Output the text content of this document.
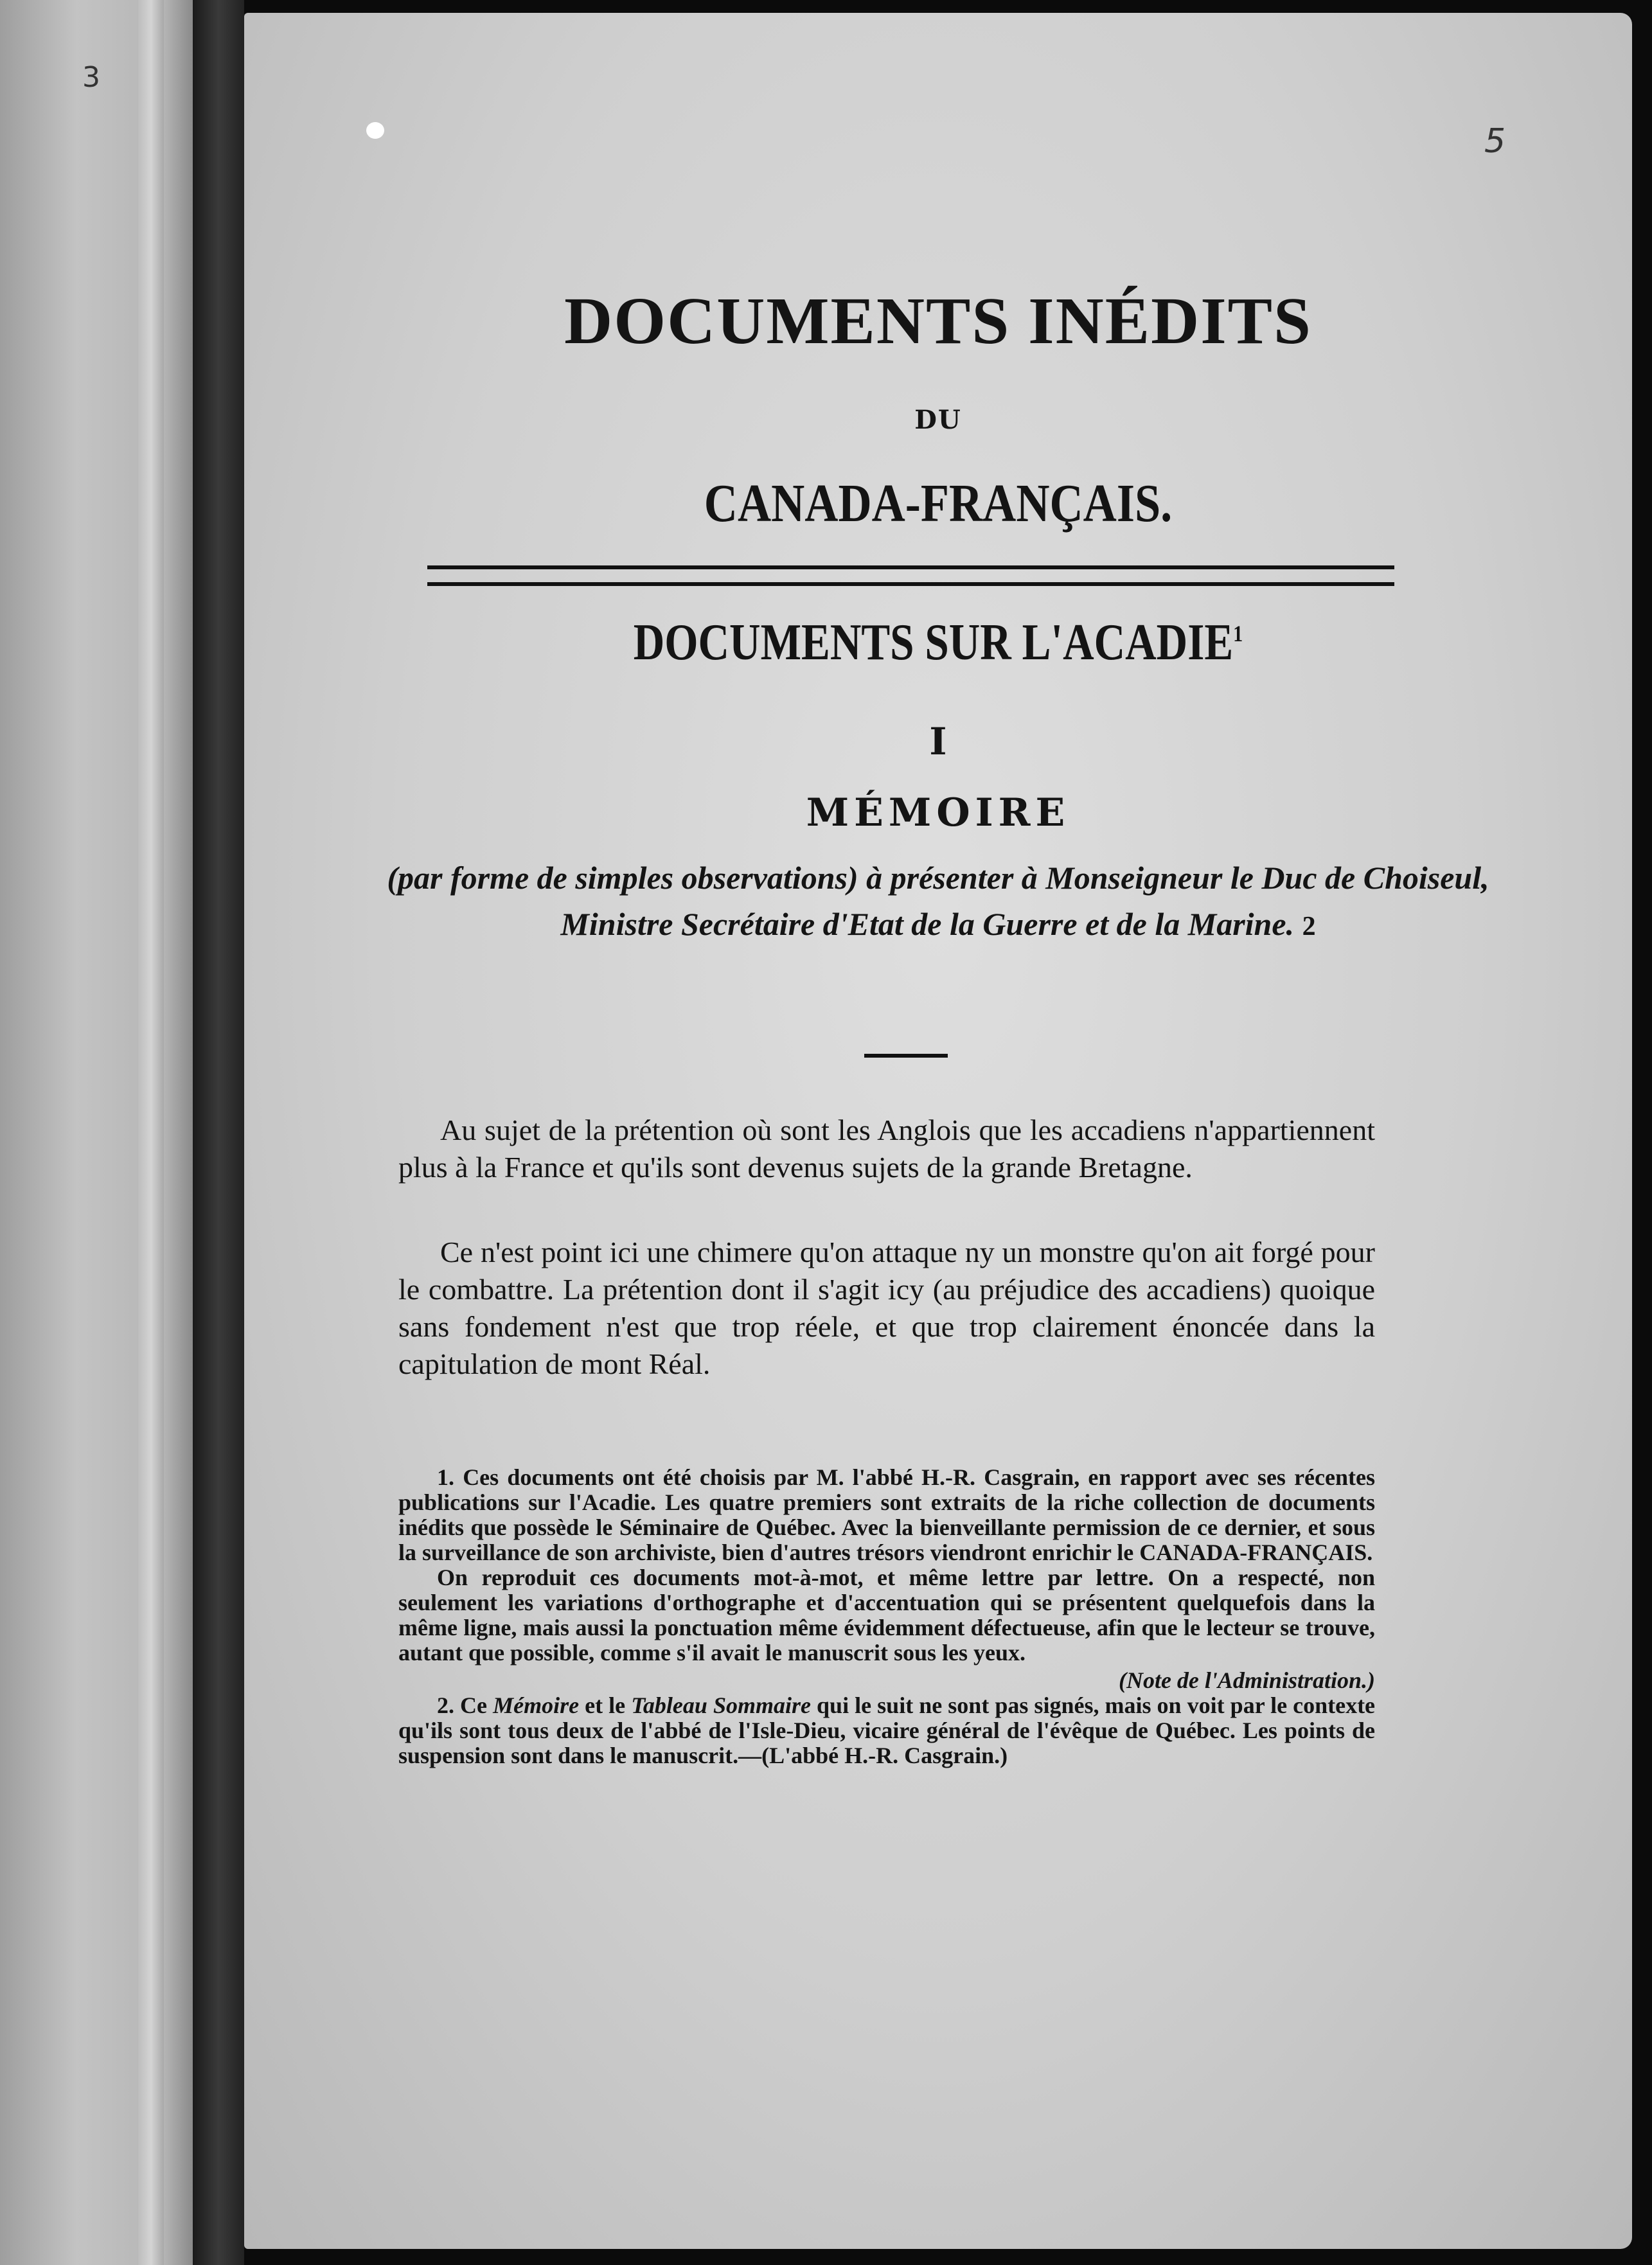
3
5
DOCUMENTS INÉDITS
DU
CANADA-FRANÇAIS.
DOCUMENTS SUR L'ACADIE$^1$
I
MÉMOIRE
(par forme de simples observations) à présenter à Monseigneur le Duc de Choiseul, Ministre Secrétaire d'Etat de la Guerre et de la Marine. 2
Au sujet de la prétention où sont les Anglois que les accadiens n'appartiennent plus à la France et qu'ils sont devenus sujets de la grande Bretagne.
Ce n'est point ici une chimere qu'on attaque ny un monstre qu'on ait forgé pour le combattre. La prétention dont il s'agit icy (au préjudice des accadiens) quoique sans fondement n'est que trop réele, et que trop clairement énoncée dans la capitulation de mont Réal.

1. Ces documents ont été choisis par M. l'abbé H.-R. Casgrain, en rapport avec ses récentes publications sur l'Acadie. Les quatre premiers sont extraits de la riche collection de documents inédits que possède le Séminaire de Québec. Avec la bienveillante permission de ce dernier, et sous la surveillance de son archiviste, bien d'autres trésors viendront enrichir le CANADA-FRANÇAIS.

On reproduit ces documents mot-à-mot, et même lettre par lettre. On a respecté, non seulement les variations d'orthographe et d'accentuation qui se présentent quelquefois dans la même ligne, mais aussi la ponctuation même évidemment défectueuse, afin que le lecteur se trouve, autant que possible, comme s'il avait le manuscrit sous les yeux.

(Note de l'Administration.)

2. Ce Mémoire et le Tableau Sommaire qui le suit ne sont pas signés, mais on voit par le contexte qu'ils sont tous deux de l'abbé de l'Isle-Dieu, vicaire général de l'évêque de Québec. Les points de suspension sont dans le manuscrit.—(L'abbé H.-R. Casgrain.)
